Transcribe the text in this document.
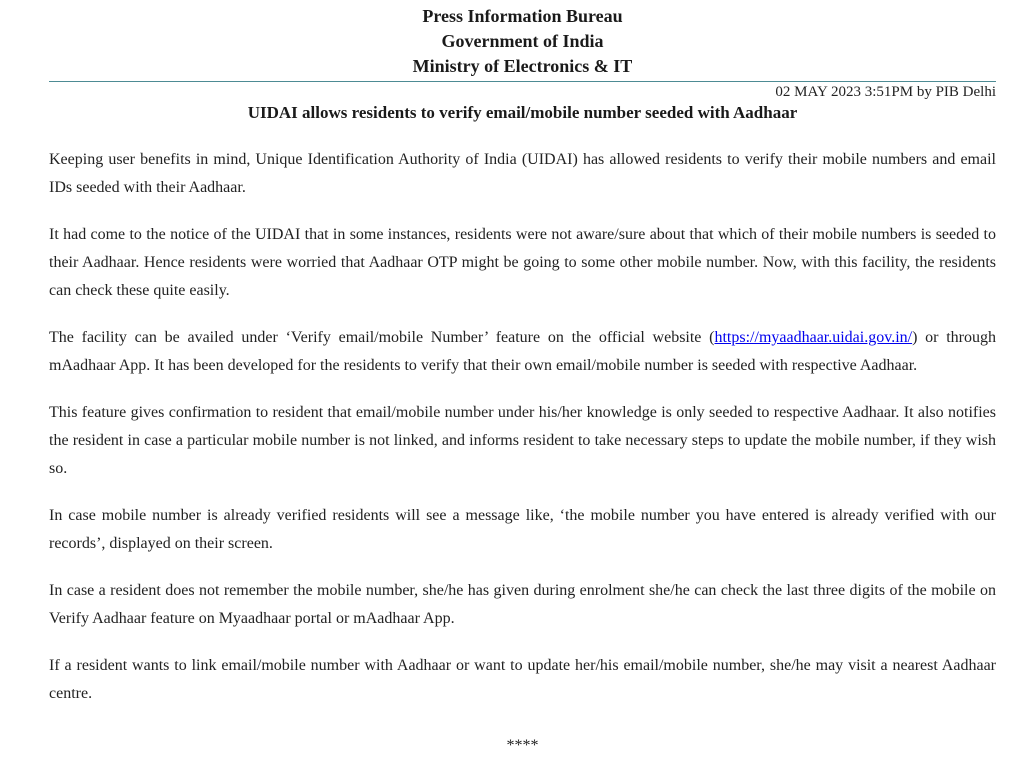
Press Information Bureau
Government of India
Ministry of Electronics & IT
02 MAY 2023 3:51PM by PIB Delhi
UIDAI allows residents to verify email/mobile number seeded with Aadhaar

Keeping user benefits in mind, Unique Identification Authority of India (UIDAI) has allowed residents to verify their mobile numbers and email IDs seeded with their Aadhaar.

It had come to the notice of the UIDAI that in some instances, residents were not aware/sure about that which of their mobile numbers is seeded to their Aadhaar. Hence residents were worried that Aadhaar OTP might be going to some other mobile number. Now, with this facility, the residents can check these quite easily.

The facility can be availed under ‘Verify email/mobile Number’ feature on the official website (https://myaadhaar.uidai.gov.in/) or through mAadhaar App. It has been developed for the residents to verify that their own email/mobile number is seeded with respective Aadhaar.

This feature gives confirmation to resident that email/mobile number under his/her knowledge is only seeded to respective Aadhaar. It also notifies the resident in case a particular mobile number is not linked, and informs resident to take necessary steps to update the mobile number, if they wish so.

In case mobile number is already verified residents will see a message like, ‘the mobile number you have entered is already verified with our records’, displayed on their screen.

In case a resident does not remember the mobile number, she/he has given during enrolment she/he can check the last three digits of the mobile on Verify Aadhaar feature on Myaadhaar portal or mAadhaar App.

If a resident wants to link email/mobile number with Aadhaar or want to update her/his email/mobile number, she/he may visit a nearest Aadhaar centre.

****
